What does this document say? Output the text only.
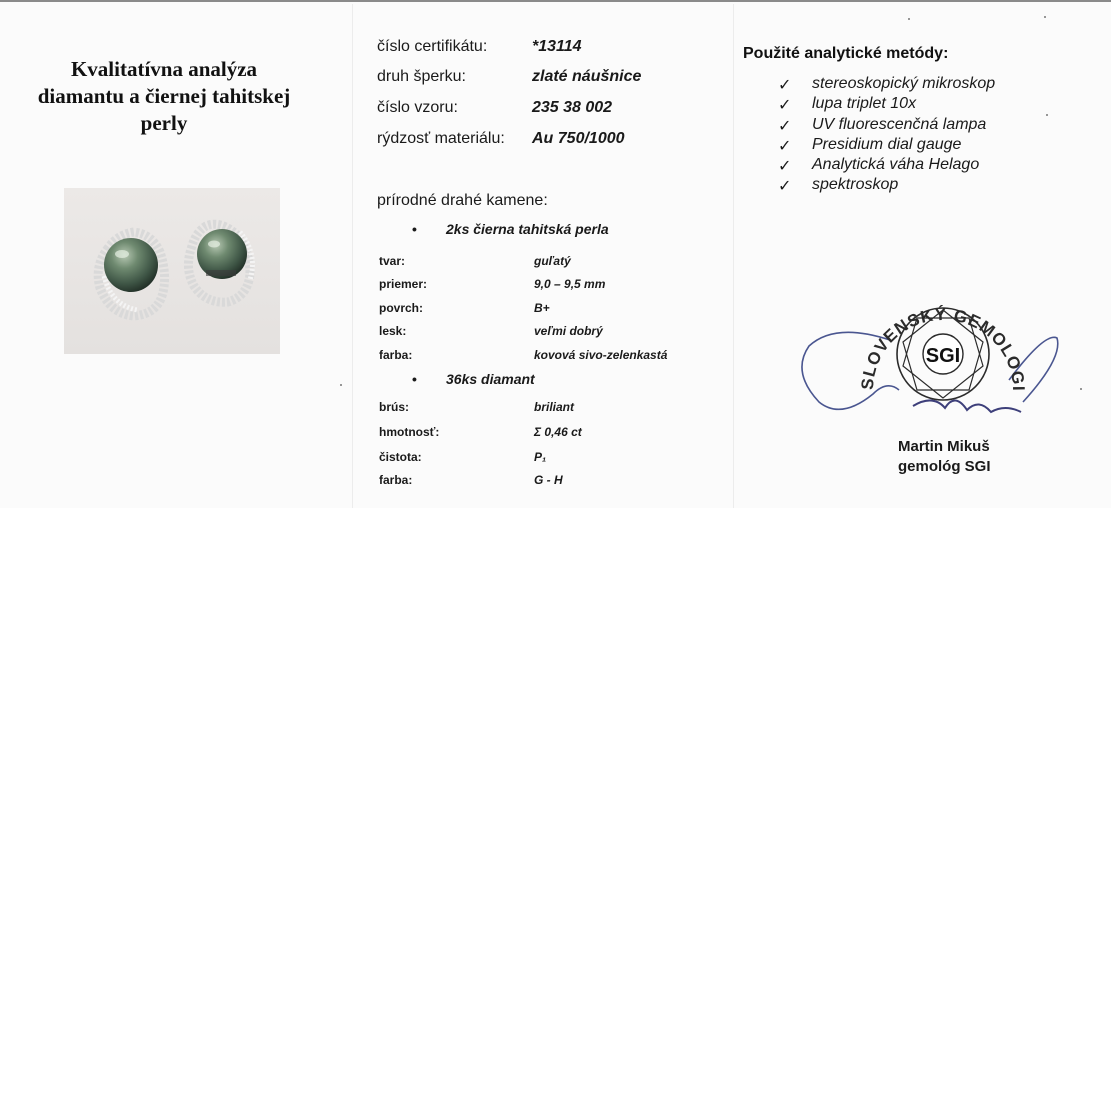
Kvalitatívna analýza
diamantu a čiernej tahitskej
perly
číslo certifikátu:	*13114
druh šperku:	zlaté náušnice
číslo vzoru:	235 38 002
rýdzosť materiálu: Au 750/1000
prírodné drahé kamene:
• 2ks čierna tahitská perla
tvar:	guľatý
priemer:	9,0 – 9,5 mm
povrch:	B+
lesk:	veľmi dobrý
farba:	kovová sivo-zelenkastá
• 36ks diamant
brús:	briliant
hmotnosť:	Σ 0,46 ct
čistota:	P₁
farba:	G - H
Použité analytické metódy:
✓ stereoskopický mikroskop
✓ lupa triplet 10x
✓ UV fluorescenčná lampa
✓ Presidium dial gauge
✓ Analytická váha Helago
✓ spektroskop
SLOVENSKÝ GEMOLOGICKÝ INŠTITÚT
SGI
Martin Mikuš
gemológ SGI
